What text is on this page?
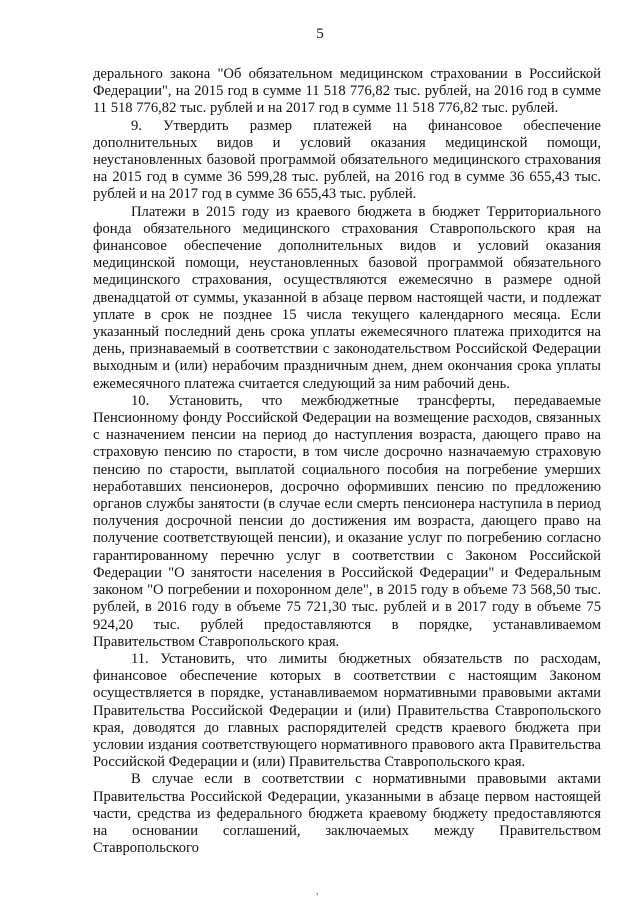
5

дерального закона "Об обязательном медицинском страховании в Российской Федерации", на 2015 год в сумме 11 518 776,82 тыс. рублей, на 2016 год в сумме 11 518 776,82 тыс. рублей и на 2017 год в сумме 11 518 776,82 тыс. рублей.

9. Утвердить размер платежей на финансовое обеспечение дополнительных видов и условий оказания медицинской помощи, неустановленных базовой программой обязательного медицинского страхования на 2015 год в сумме 36 599,28 тыс. рублей, на 2016 год в сумме 36 655,43 тыс. рублей и на 2017 год в сумме 36 655,43 тыс. рублей.

Платежи в 2015 году из краевого бюджета в бюджет Территориального фонда обязательного медицинского страхования Ставропольского края на финансовое обеспечение дополнительных видов и условий оказания медицинской помощи, неустановленных базовой программой обязательного медицинского страхования, осуществляются ежемесячно в размере одной двенадцатой от суммы, указанной в абзаце первом настоящей части, и подлежат уплате в срок не позднее 15 числа текущего календарного месяца. Если указанный последний день срока уплаты ежемесячного платежа приходится на день, признаваемый в соответствии с законодательством Российской Федерации выходным и (или) нерабочим праздничным днем, днем окончания срока уплаты ежемесячного платежа считается следующий за ним рабочий день.

10. Установить, что межбюджетные трансферты, передаваемые Пенсионному фонду Российской Федерации на возмещение расходов, связанных с назначением пенсии на период до наступления возраста, дающего право на страховую пенсию по старости, в том числе досрочно назначаемую страховую пенсию по старости, выплатой социального пособия на погребение умерших неработавших пенсионеров, досрочно оформивших пенсию по предложению органов службы занятости (в случае если смерть пенсионера наступила в период получения досрочной пенсии до достижения им возраста, дающего право на получение соответствующей пенсии), и оказание услуг по погребению согласно гарантированному перечню услуг в соответствии с Законом Российской Федерации "О занятости населения в Российской Федерации" и Федеральным законом "О погребении и похоронном деле", в 2015 году в объеме 73 568,50 тыс. рублей, в 2016 году в объеме 75 721,30 тыс. рублей и в 2017 году в объеме 75 924,20 тыс. рублей предоставляются в порядке, устанавливаемом Правительством Ставропольского края.

11. Установить, что лимиты бюджетных обязательств по расходам, финансовое обеспечение которых в соответствии с настоящим Законом осуществляется в порядке, устанавливаемом нормативными правовыми актами Правительства Российской Федерации и (или) Правительства Ставропольского края, доводятся до главных распорядителей средств краевого бюджета при условии издания соответствующего нормативного правового акта Правительства Российской Федерации и (или) Правительства Ставропольского края.

В случае если в соответствии с нормативными правовыми актами Правительства Российской Федерации, указанными в абзаце первом настоящей части, средства из федерального бюджета краевому бюджету предоставляются на основании соглашений, заключаемых между Правительством Ставропольского

,
